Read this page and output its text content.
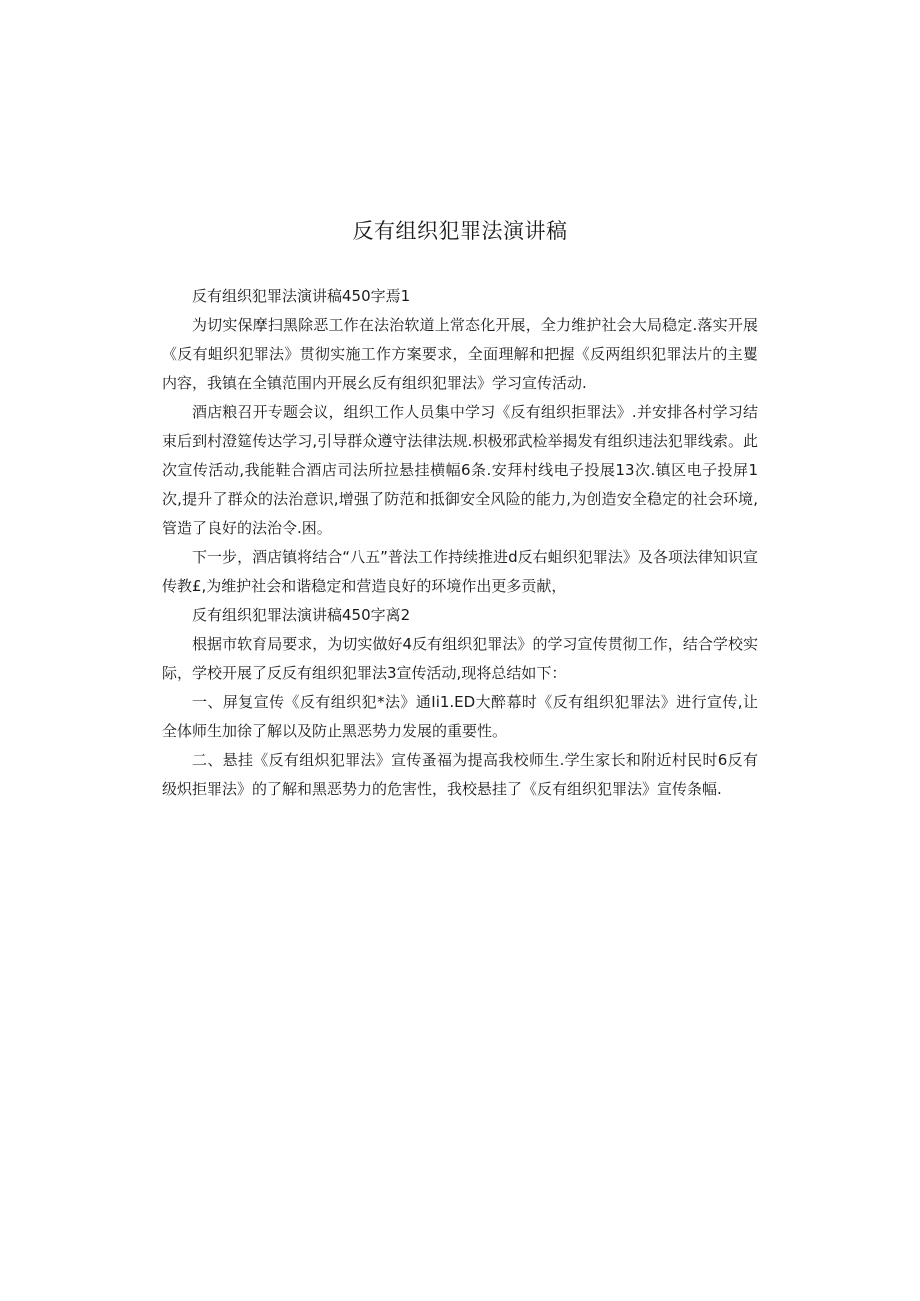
反有组织犯罪法演讲稿

反有组织犯罪法演讲稿450字焉1

为切实保摩扫黑除恶工作在法治软道上常态化开展，全力维护社会大局稳定.落实开展《反有蛆织犯罪法》贯彻实施工作方案要求，全面理解和把握《反两组织犯罪法片的主矍内容，我镇在全镇范围内开展幺反有组织犯罪法》学习宣传活动.

酒店粮召开专题会议，组织工作人员集中学习《反有组织拒罪法》.并安排各村学习结束后到村澄筵传达学习,引导群众遵守法律法规.枳极邪武检举揭发有组织违法犯罪线索。此次宣传活动,我能鞋合酒店司法所拉悬挂横幅6条.安拜村线电子投展13次.镇区电子投屏1次,提升了群众的法治意识,增强了防范和抵御安全风险的能力,为创造安全稳定的社会环境,管造了良好的法治令.困。

下一步，酒店镇将结合“八五”普法工作持续推进d反右蛆织犯罪法》及各项法律知识宣传教£,为维护社会和谐稳定和营造良好的环境作出更多贡献，

反有组织犯罪法演讲稿450字离2

根据市软育局要求，为切实做好4反有组织犯罪法》的学习宣传贯彻工作，结合学校实际，学校开展了反反有组织犯罪法3宣传活动,现将总结如下：

一、屏复宣传《反有组织犯*法》通Ii1.ED大醉幕时《反有组织犯罪法》进行宣传,让全体师生加徐了解以及防止黑恶势力发展的重要性。

二、悬挂《反有组炽犯罪法》宣传蚤福为提高我校师生.学生家长和附近村民时6反有级炽拒罪法》的了解和黑恶势力的危害性，我校悬挂了《反有组织犯罪法》宣传条幅.
